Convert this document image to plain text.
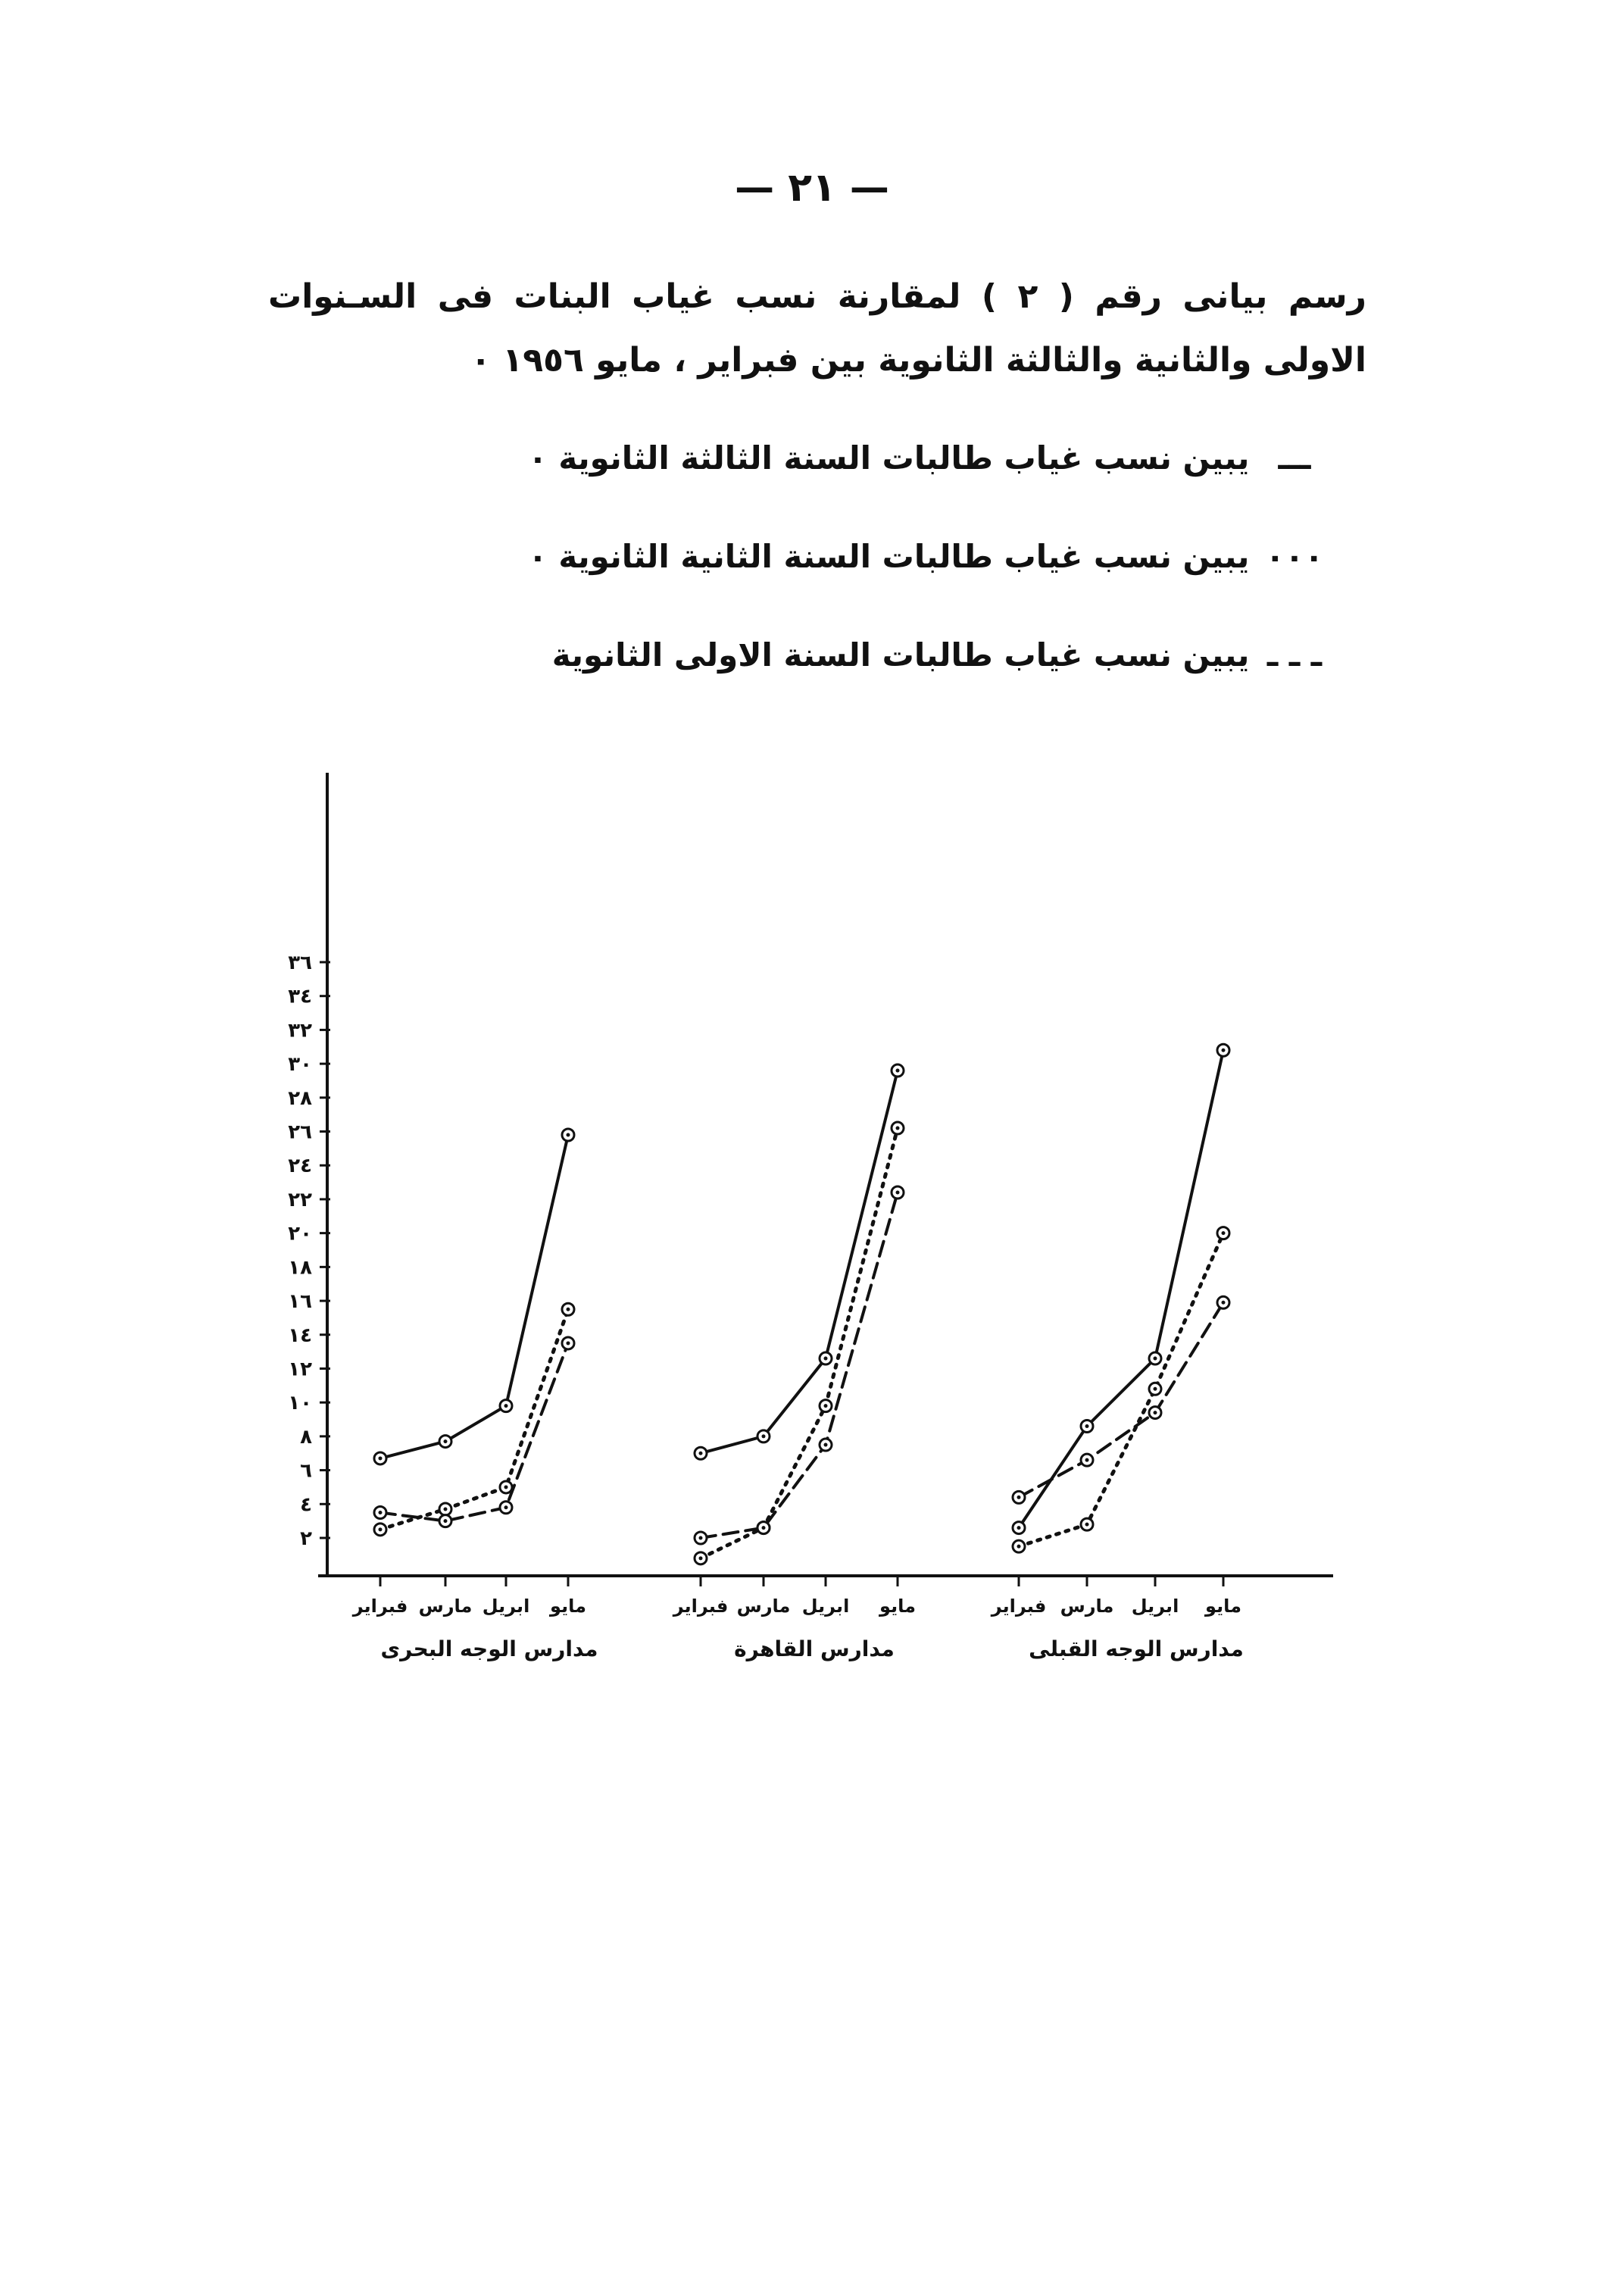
— ٢١ —
رسم بيانى رقم ( ٢ ) لمقارنة نسب غياب البنات فى السـنوات الاولى والثانية والثالثة الثانوية بين فبراير ، مايو ١٩٥٦ ٠
ـــ يبين نسب غياب طالبات السنة الثالثة الثانوية ٠
٠٠٠ يبين نسب غياب طالبات السنة الثانية الثانوية ٠
ـ ـ ـ يبين نسب غياب طالبات السنة الاولى الثانوية
٢
٤
٦
٨
١٠
١٢
١٤
١٦
١٨
٢٠
٢٢
٢٤
٢٦
٢٨
٣٠
٣٢
٣٤
٣٦
فبراير مارس ابريل مايو
مدارس الوجه البحرى
فبراير مارس ابريل مايو
مدارس القاهرة
فبراير مارس ابريل مايو
مدارس الوجه القبلى
